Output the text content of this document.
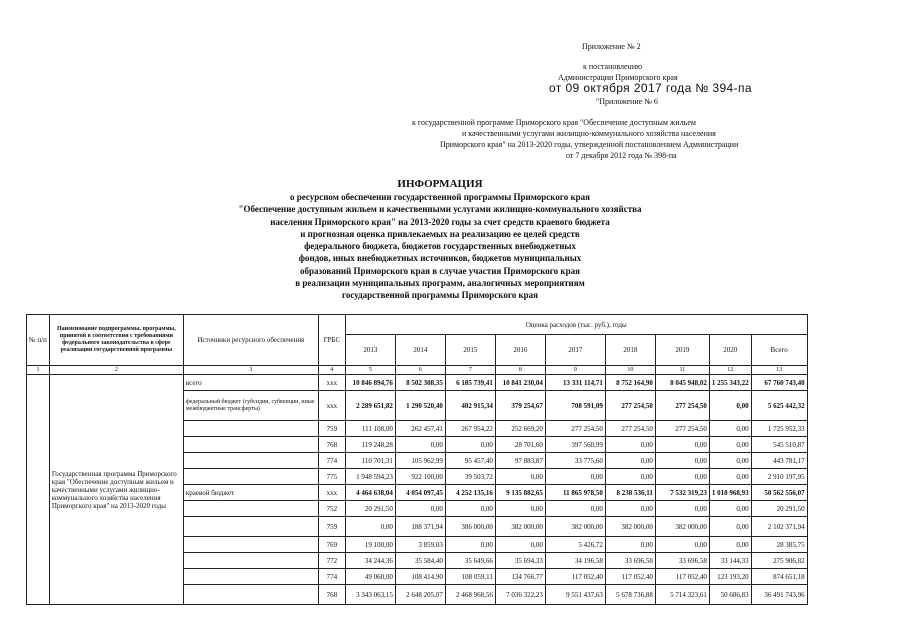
Приложение № 2
к постановлению
Администрации Приморского края
от 09 октября 2017 года № 394-па
"Приложение № 6
к государственной программе Приморского края "Обеспечение доступным жильем
и качественными услугами жилищно-коммунального хозяйства населения
Приморского края" на 2013-2020 годы, утвержденной постановлением Администрации
от 7 декабря 2012 года № 398-па
ИНФОРМАЦИЯ
о ресурсном обеспечении государственной программы Приморского края
"Обеспечение доступным жильем и качественными услугами жилищно-коммунального хозяйства
населения Приморского края" на 2013-2020 годы за счет средств краевого бюджета
и прогнозная оценка привлекаемых на реализацию ее целей средств
федерального бюджета, бюджетов государственных внебюджетных
фондов, иных внебюджетных источников, бюджетов муниципальных
образований Приморского края в случае участия Приморского края
в реализации муниципальных программ, аналогичных мероприятиям
государственной программы Приморского края
№ п/п	Наименование подпрограммы, программы, принятой в соответствии с требованиями федерального законодательства в сфере реализации государственной программы	Источники ресурсного обеспечения	ГРБС	Оценка расходов (тыс. руб.), годы								
				2013	2014	2015	2016	2017	2018	2019	2020	Всего
1	2	3	4	5	6	7	8	9	10	11	12	13
	Государственная программа Приморского края "Обеспечение доступным жильем и качественными услугами жилищно-коммунального хозяйства населения Приморского края" на 2013-2020 годы	всего	ххх	10 846 894,76	8 502 308,35	6 185 739,41	10 841 230,04	13 331 114,71	8 752 164,90	8 045 948,02	1 255 343,22	67 760 743,40
		федеральный бюджет (субсидии, субвенции, иные межбюджетные трансферты)	ххх	2 289 651,82	1 290 520,40	402 915,34	379 254,67	708 591,09	277 254,50	277 254,50	0,00	5 625 442,32
			759	111 108,00	262 457,41	267 954,22	252 669,20	277 254,50	277 254,50	277 254,50	0,00	1 725 952,33
			768	119 248,28	0,00	0,00	28 701,60	397 560,99	0,00	0,00	0,00	545 510,87
			774	110 701,31	105 962,99	95 457,40	97 883,87	33 775,60	0,00	0,00	0,00	443 781,17
			775	1 948 594,23	922 100,00	39 503,72	0,00	0,00	0,00	0,00	0,00	2 910 197,95
		краевой бюджет	ххх	4 464 638,04	4 054 097,45	4 252 135,16	9 135 882,65	11 865 978,50	8 238 536,11	7 532 319,23	1 018 968,93	50 562 556,07
			752	20 291,50	0,00	0,00	0,00	0,00	0,00	0,00	0,00	20 291,50
			759	0,00	188 371,94	386 000,00	382 000,00	382 000,00	382 000,00	382 000,00	0,00	2 102 371,94
			769	19 100,00	3 859,03	0,00	0,00	5 426,72	0,00	0,00	0,00	28 385,75
			772	34 244,36	35 584,40	35 649,66	35 694,33	34 196,58	33 696,58	33 696,58	33 144,33	275 906,82
			774	49 060,00	108 414,90	108 059,11	134 766,77	117 052,40	117 052,40	117 052,40	123 193,20	874 651,18
			768	3 343 063,15	2 648 205,07	2 468 968,56	7 036 322,23	9 551 437,63	5 678 736,88	5 714 323,61	50 686,83	36 491 743,96
